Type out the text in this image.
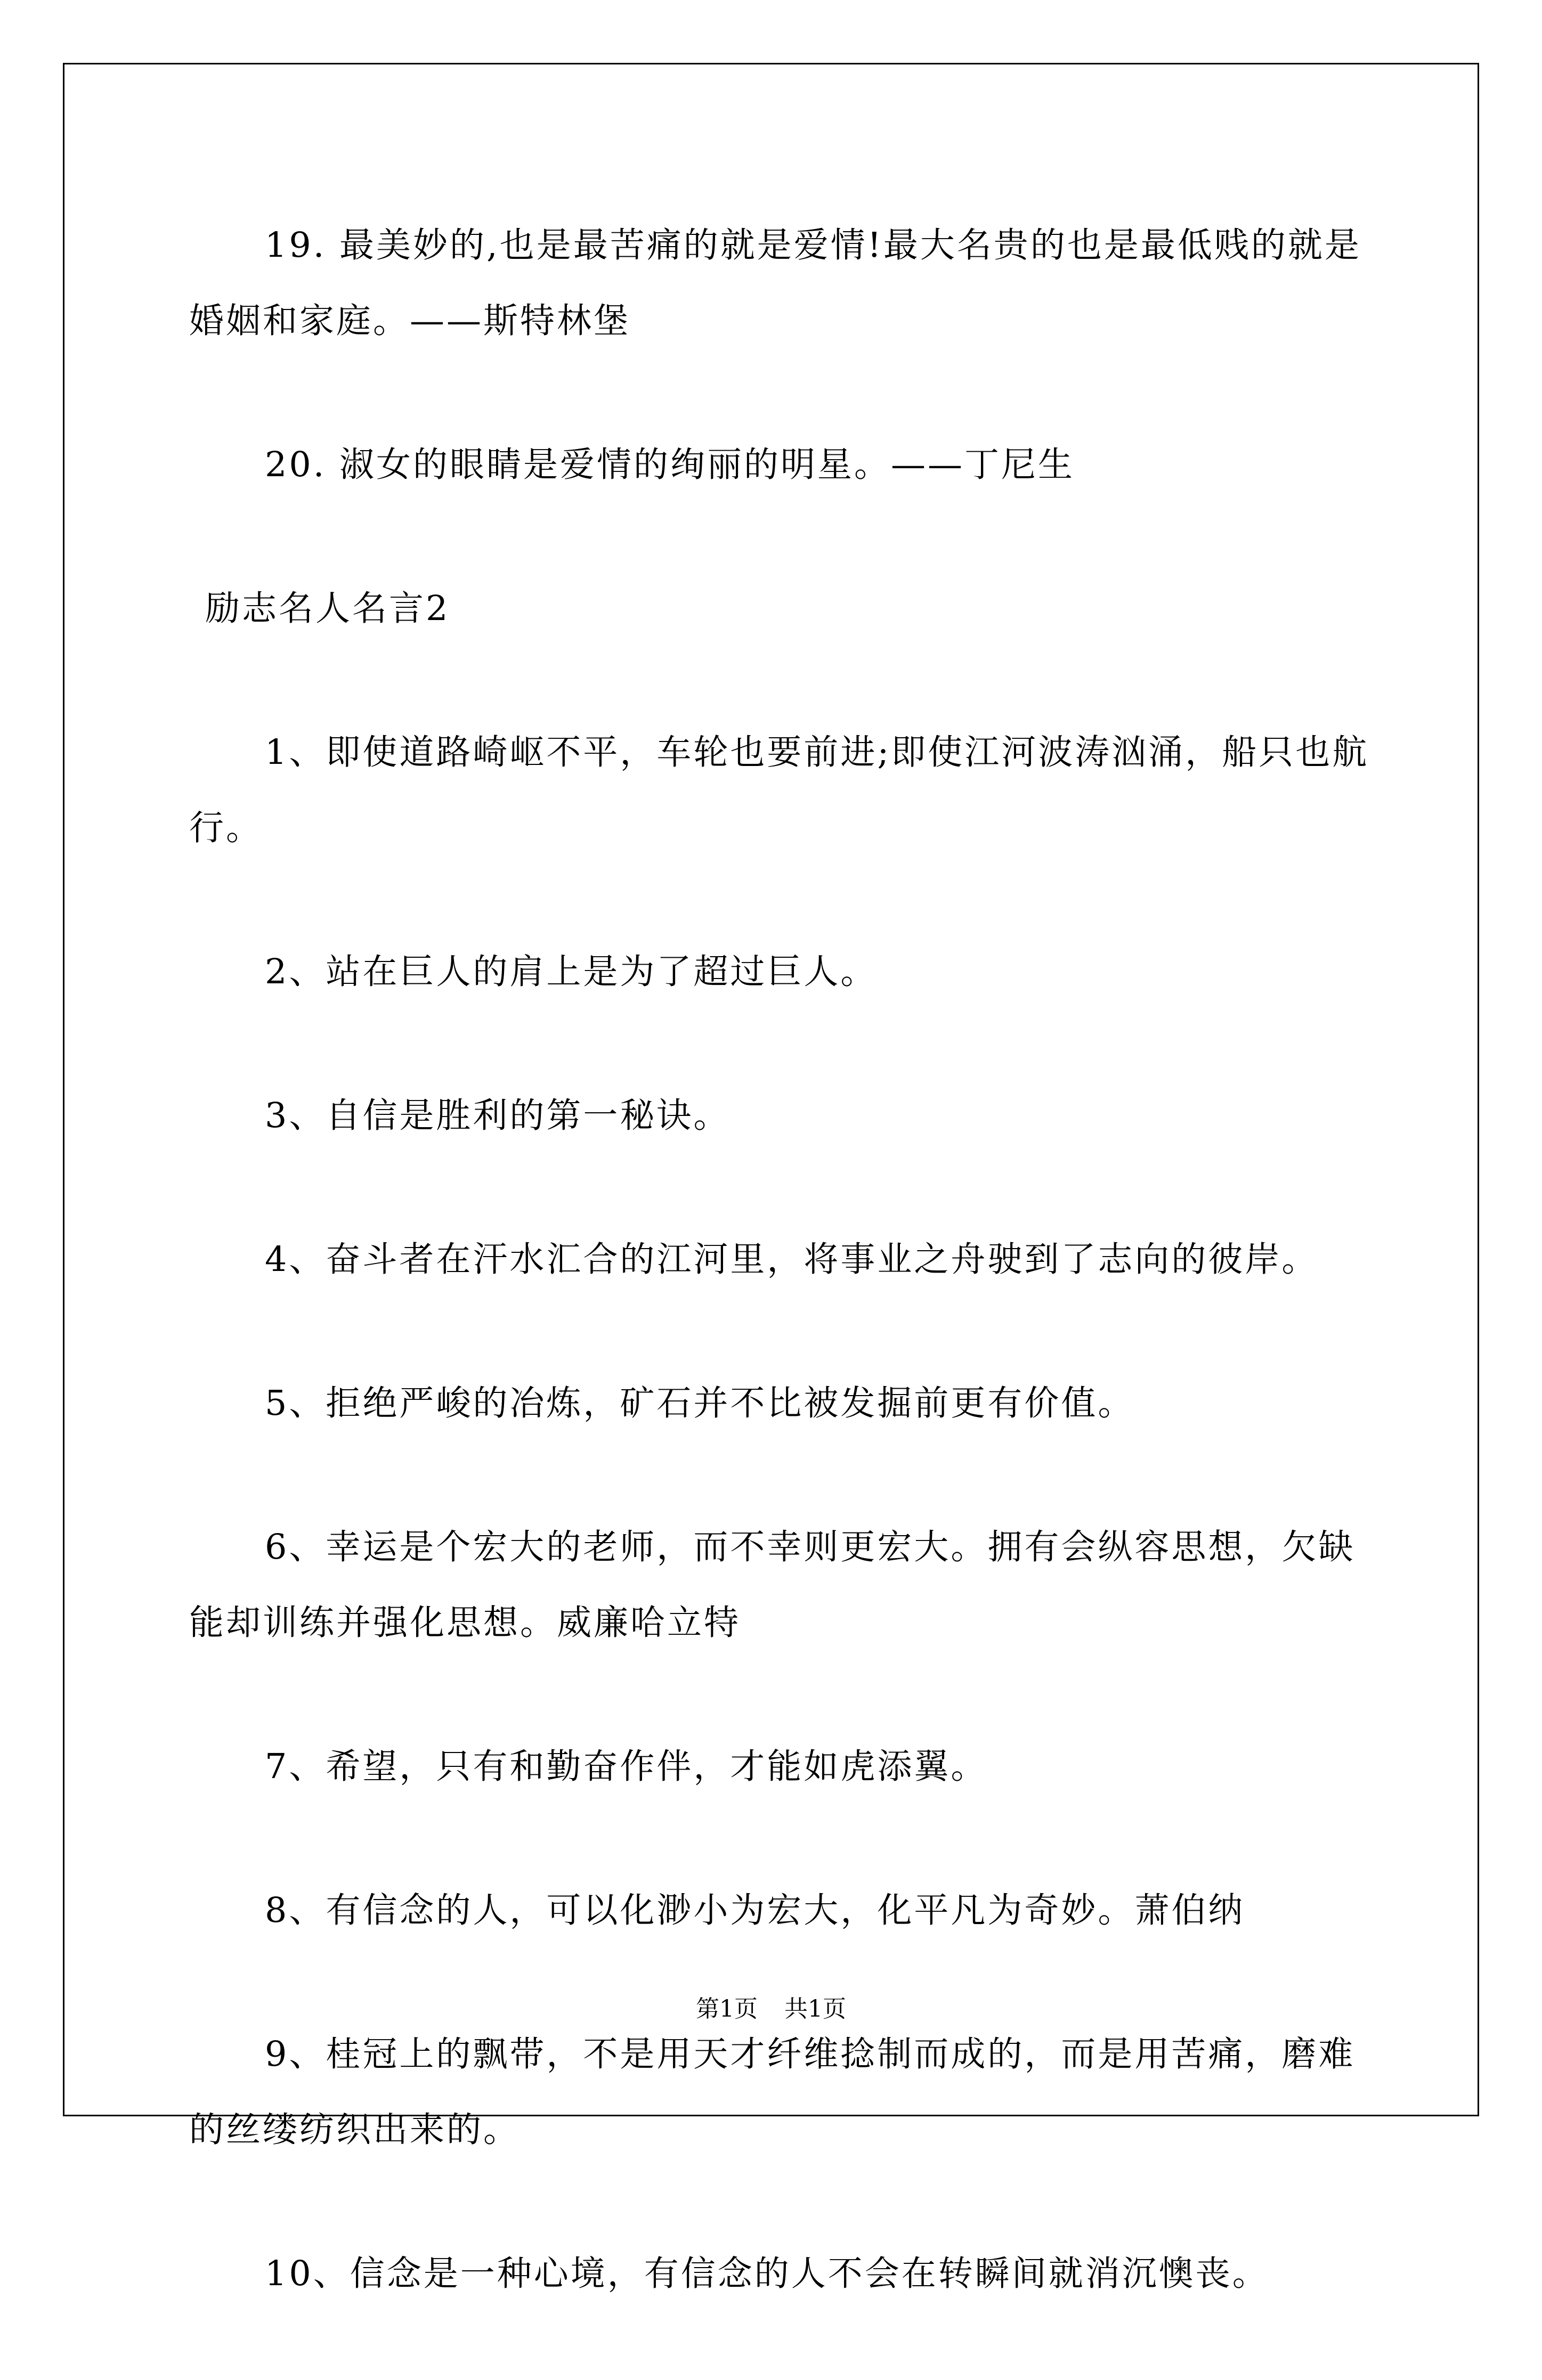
19. 最美妙的,也是最苦痛的就是爱情!最大名贵的也是最低贱的就是婚姻和家庭。——斯特林堡

20. 淑女的眼睛是爱情的绚丽的明星。——丁尼生

励志名人名言2

1、即使道路崎岖不平，车轮也要前进;即使江河波涛汹涌，船只也航行。

2、站在巨人的肩上是为了超过巨人。

3、自信是胜利的第一秘诀。

4、奋斗者在汗水汇合的江河里，将事业之舟驶到了志向的彼岸。

5、拒绝严峻的冶炼，矿石并不比被发掘前更有价值。

6、幸运是个宏大的老师，而不幸则更宏大。拥有会纵容思想，欠缺能却训练并强化思想。威廉哈立特

7、希望，只有和勤奋作伴，才能如虎添翼。

8、有信念的人，可以化渺小为宏大，化平凡为奇妙。萧伯纳

9、桂冠上的飘带，不是用天才纤维捻制而成的，而是用苦痛，磨难的丝缕纺织出来的。

10、信念是一种心境，有信念的人不会在转瞬间就消沉懊丧。

第1页 共1页
